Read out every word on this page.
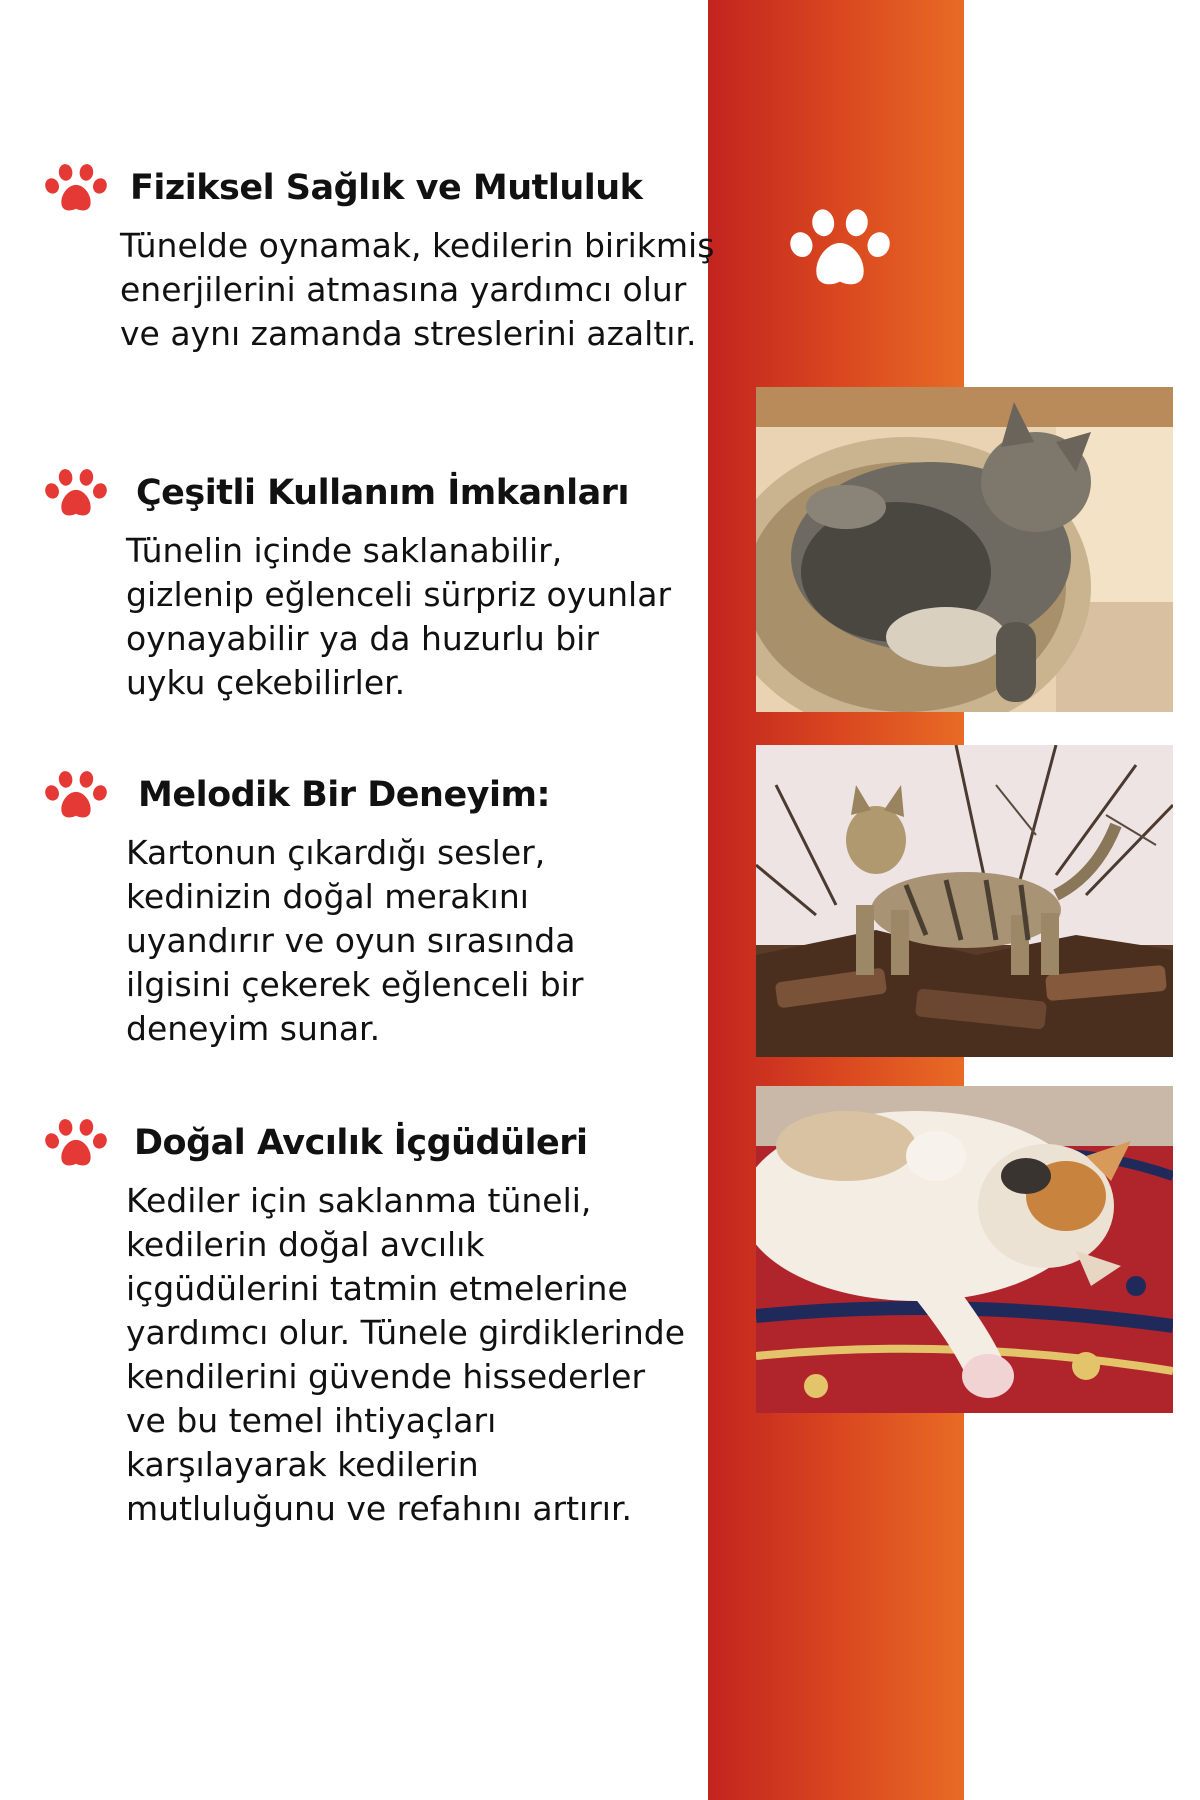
Fiziksel Sağlık ve Mutluluk

Tünelde oynamak, kedilerin birikmiş enerjilerini atmasına yardımcı olur ve aynı zamanda streslerini azaltır.

Çeşitli Kullanım İmkanları

Tünelin içinde saklanabilir, gizlenip eğlenceli sürpriz oyunlar oynayabilir ya da huzurlu bir uyku çekebilirler.

Melodik Bir Deneyim:

Kartonun çıkardığı sesler, kedinizin doğal merakını uyandırır ve oyun sırasında ilgisini çekerek eğlenceli bir deneyim sunar.

Doğal Avcılık İçgüdüleri

Kediler için saklanma tüneli, kedilerin doğal avcılık içgüdülerini tatmin etmelerine yardımcı olur. Tünele girdiklerinde kendilerini güvende hissederler ve bu temel ihtiyaçları karşılayarak kedilerin mutluluğunu ve refahını artırır.
